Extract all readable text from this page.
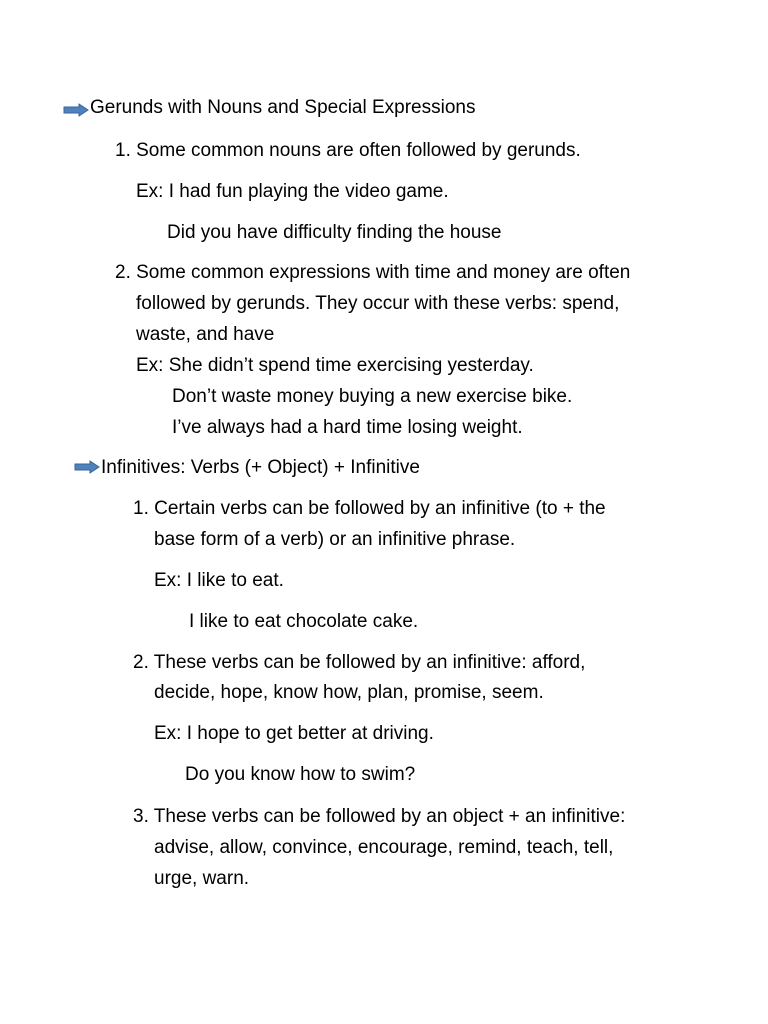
Gerunds with Nouns and Special Expressions
1. Some common nouns are often followed by gerunds.
Ex: I had fun playing the video game.
Did you have difficulty finding the house
2. Some common expressions with time and money are often
followed by gerunds. They occur with these verbs: spend,
waste, and have
Ex: She didn’t spend time exercising yesterday.
Don’t waste money buying a new exercise bike.
I’ve always had a hard time losing weight.
Infinitives: Verbs (+ Object) + Infinitive
1. Certain verbs can be followed by an infinitive (to + the
base form of a verb) or an infinitive phrase.
Ex: I like to eat.
I like to eat chocolate cake.
2. These verbs can be followed by an infinitive: afford,
decide, hope, know how, plan, promise, seem.
Ex: I hope to get better at driving.
Do you know how to swim?
3. These verbs can be followed by an object + an infinitive:
advise, allow, convince, encourage, remind, teach, tell,
urge, warn.
